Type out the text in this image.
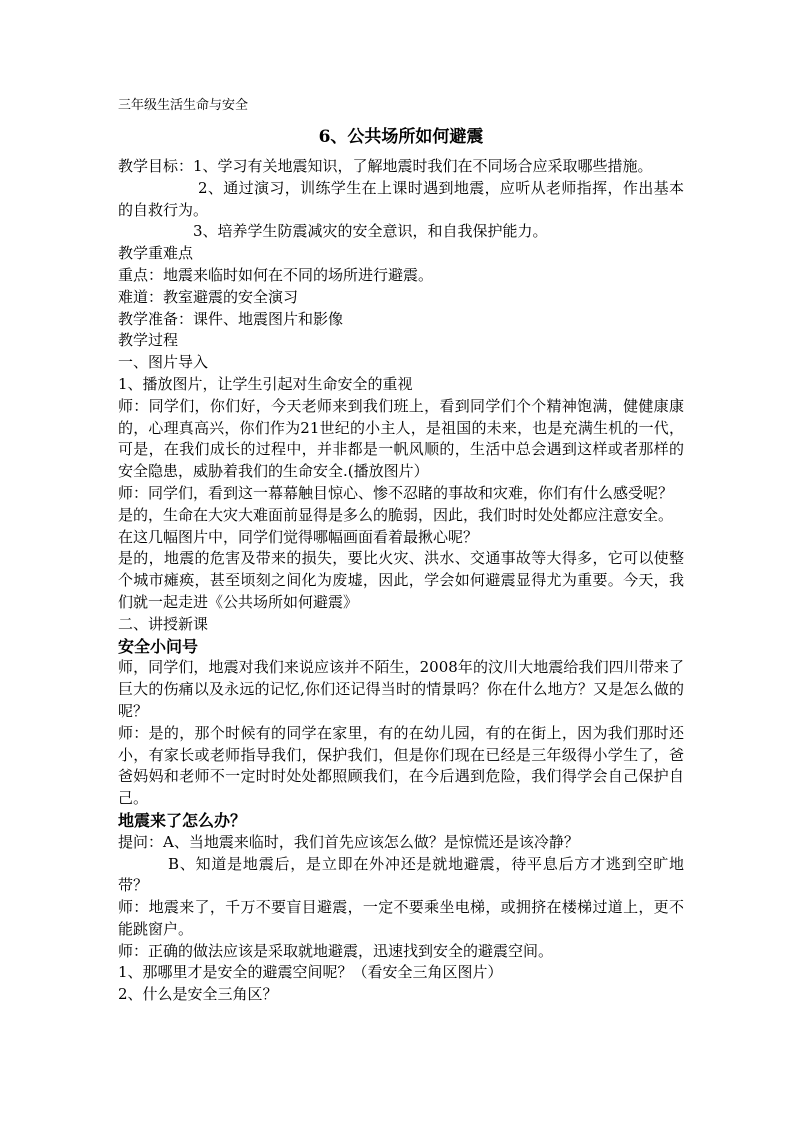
三年级生活生命与安全
6、公共场所如何避震

教学目标：1、学习有关地震知识，了解地震时我们在不同场合应采取哪些措施。

2、通过演习，训练学生在上课时遇到地震，应听从老师指挥，作出基本的自救行为。

3、培养学生防震减灾的安全意识，和自我保护能力。

教学重难点

重点：地震来临时如何在不同的场所进行避震。

难道：教室避震的安全演习

教学准备：课件、地震图片和影像

教学过程

一、图片导入

1、播放图片，让学生引起对生命安全的重视

师：同学们，你们好，今天老师来到我们班上，看到同学们个个精神饱满，健健康康的，心理真高兴，你们作为21世纪的小主人，是祖国的未来，也是充满生机的一代，可是，在我们成长的过程中，并非都是一帆风顺的，生活中总会遇到这样或者那样的安全隐患，威胁着我们的生命安全.(播放图片）

师：同学们，看到这一幕幕触目惊心、惨不忍睹的事故和灾难，你们有什么感受呢？

是的，生命在大灾大难面前显得是多么的脆弱，因此，我们时时处处都应注意安全。

在这几幅图片中，同学们觉得哪幅画面看着最揪心呢？

是的，地震的危害及带来的损失，要比火灾、洪水、交通事故等大得多，它可以使整个城市瘫痪，甚至顷刻之间化为废墟，因此，学会如何避震显得尤为重要。今天，我们就一起走进《公共场所如何避震》

二、讲授新课

安全小问号

师，同学们，地震对我们来说应该并不陌生，2008年的汶川大地震给我们四川带来了巨大的伤痛以及永远的记忆,你们还记得当时的情景吗？你在什么地方？又是怎么做的呢？

师：是的，那个时候有的同学在家里，有的在幼儿园，有的在街上，因为我们那时还小，有家长或老师指导我们，保护我们，但是你们现在已经是三年级得小学生了，爸爸妈妈和老师不一定时时处处都照顾我们，在今后遇到危险，我们得学会自己保护自己。

地震来了怎么办？

提问：A、当地震来临时，我们首先应该怎么做？是惊慌还是该冷静？

B、知道是地震后，是立即在外冲还是就地避震，待平息后方才逃到空旷地带？

师：地震来了，千万不要盲目避震，一定不要乘坐电梯，或拥挤在楼梯过道上，更不能跳窗户。

师：正确的做法应该是采取就地避震，迅速找到安全的避震空间。

1、那哪里才是安全的避震空间呢？（看安全三角区图片）

2、什么是安全三角区？
